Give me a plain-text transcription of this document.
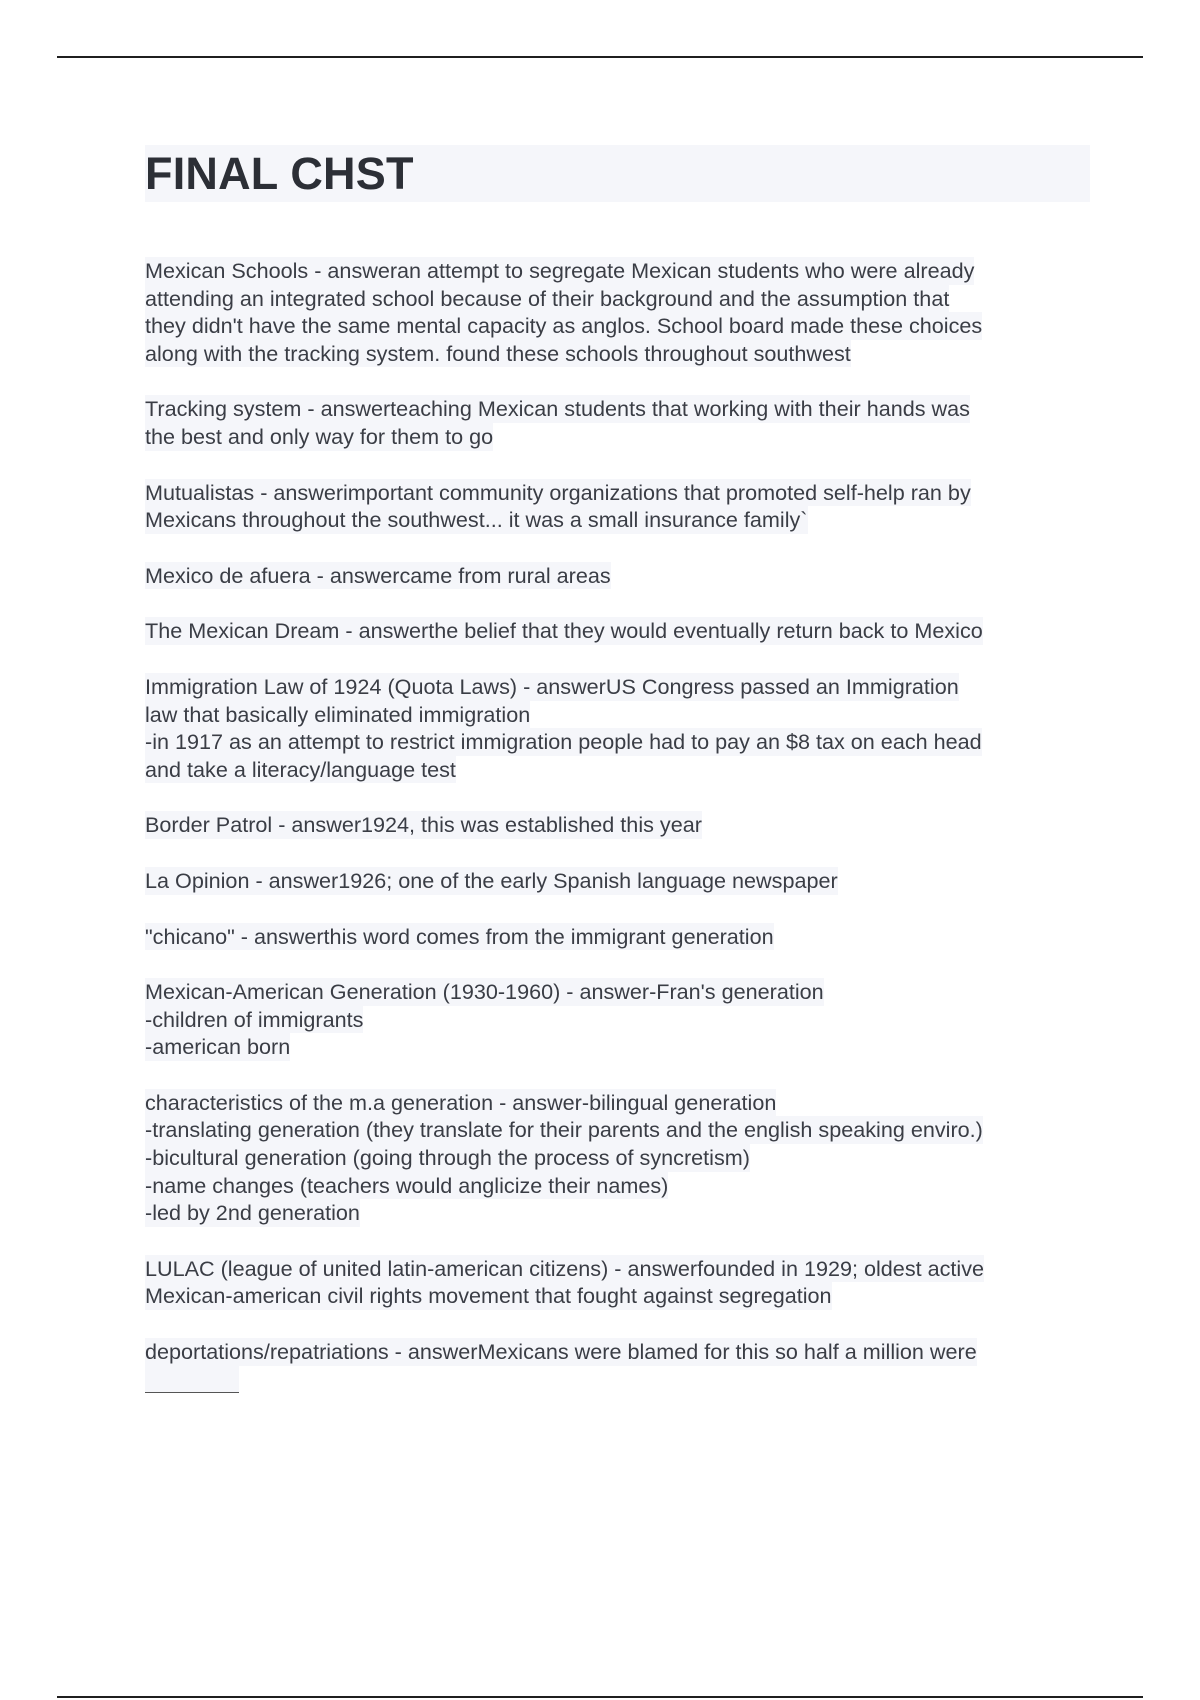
FINAL CHST
Mexican Schools - answeran attempt to segregate Mexican students who were already
attending an integrated school because of their background and the assumption that
they didn't have the same mental capacity as anglos. School board made these choices
along with the tracking system. found these schools throughout southwest
Tracking system - answerteaching Mexican students that working with their hands was
the best and only way for them to go
Mutualistas - answerimportant community organizations that promoted self-help ran by
Mexicans throughout the southwest... it was a small insurance family`
Mexico de afuera - answercame from rural areas
The Mexican Dream - answerthe belief that they would eventually return back to Mexico
Immigration Law of 1924 (Quota Laws) - answerUS Congress passed an Immigration
law that basically eliminated immigration
-in 1917 as an attempt to restrict immigration people had to pay an $8 tax on each head
and take a literacy/language test
Border Patrol - answer1924, this was established this year
La Opinion - answer1926; one of the early Spanish language newspaper
"chicano" - answerthis word comes from the immigrant generation
Mexican-American Generation (1930-1960) - answer-Fran's generation
-children of immigrants
-american born
characteristics of the m.a generation - answer-bilingual generation
-translating generation (they translate for their parents and the english speaking enviro.)
-bicultural generation (going through the process of syncretism)
-name changes (teachers would anglicize their names)
-led by 2nd generation
LULAC (league of united latin-american citizens) - answerfounded in 1929; oldest active
Mexican-american civil rights movement that fought against segregation
deportations/repatriations - answerMexicans were blamed for this so half a million were
